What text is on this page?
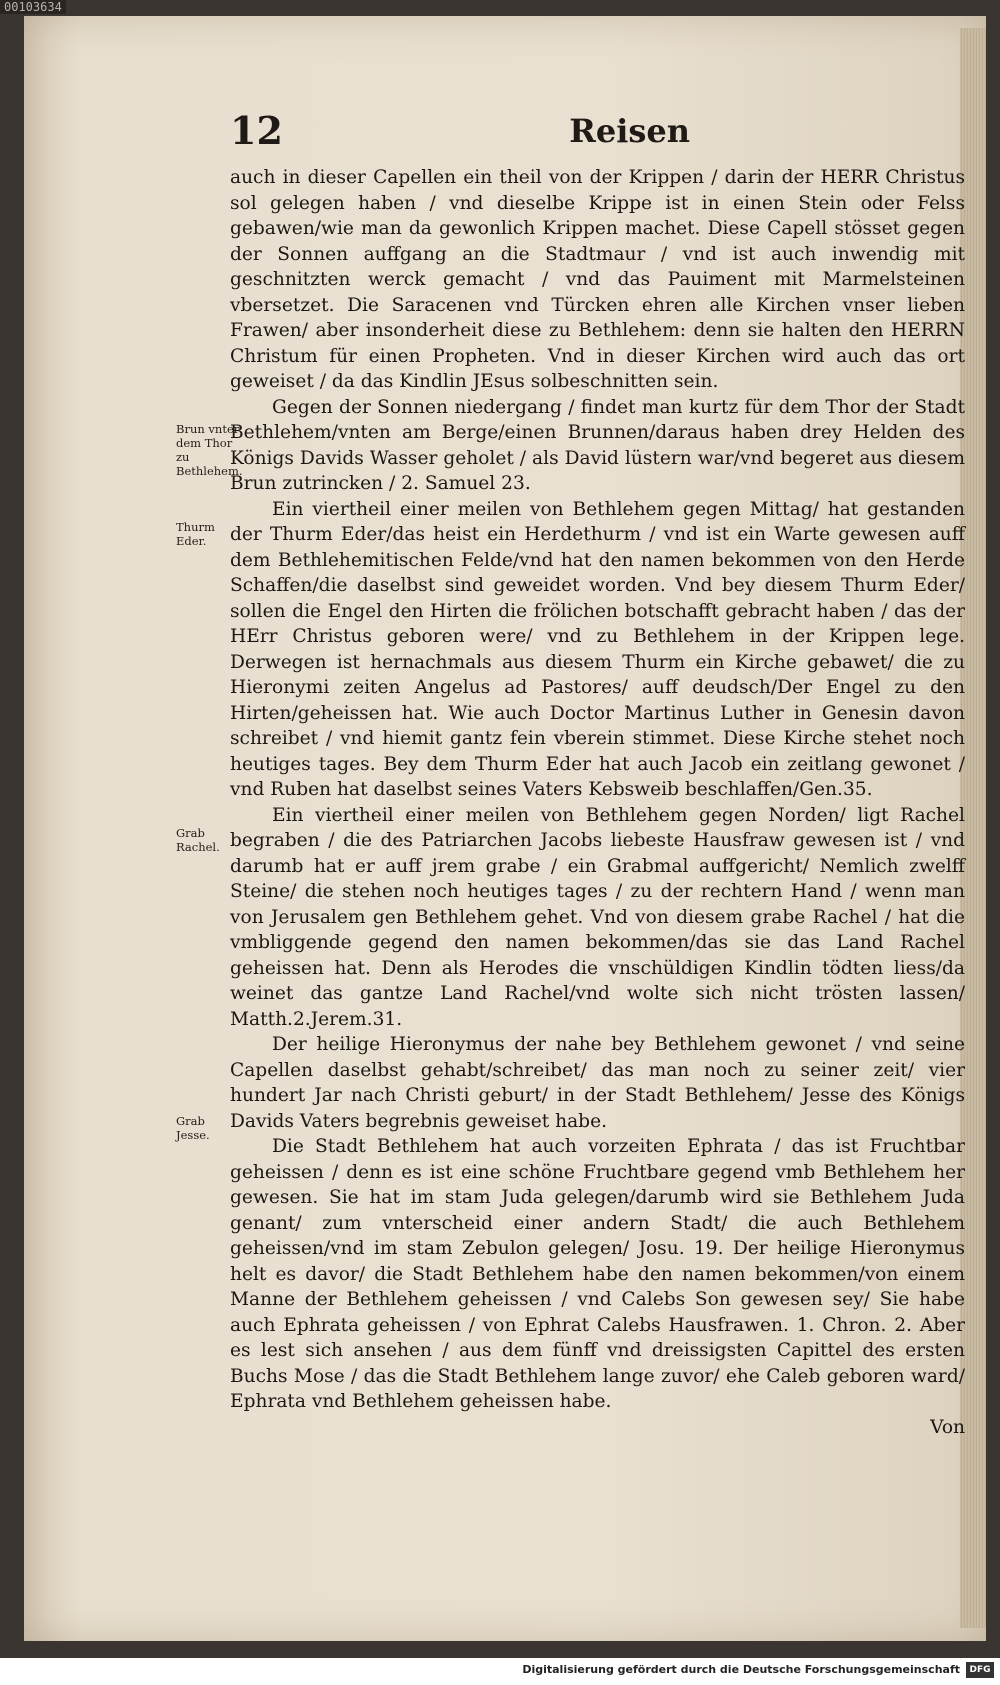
00103634
12	Reisen
Brun vnter dem Thor zu Bethlehem.
Thurm Eder.
Grab Rachel.
Grab Jesse.

auch in dieser Capellen ein theil von der Krippen / darin der HERR Christus sol gelegen haben / vnd dieselbe Krippe ist in einen Stein oder Felss gebawen/wie man da gewonlich Krippen machet. Diese Capell stösset gegen der Sonnen auffgang an die Stadtmaur / vnd ist auch inwendig mit geschnitzten werck gemacht / vnd das Pauiment mit Marmelsteinen vbersetzet. Die Saracenen vnd Türcken ehren alle Kirchen vnser lieben Frawen/ aber insonderheit diese zu Bethlehem: denn sie halten den HERRN Christum für einen Propheten. Vnd in dieser Kirchen wird auch das ort geweiset / da das Kindlin JEsus solbeschnitten sein.

Gegen der Sonnen niedergang / findet man kurtz für dem Thor der Stadt Bethlehem/vnten am Berge/einen Brunnen/daraus haben drey Helden des Königs Davids Wasser geholet / als David lüstern war/vnd begeret aus diesem Brun zutrincken / 2. Samuel 23.

Ein viertheil einer meilen von Bethlehem gegen Mittag/ hat gestanden der Thurm Eder/das heist ein Herdethurm / vnd ist ein Warte gewesen auff dem Bethlehemitischen Felde/vnd hat den namen bekommen von den Herde Schaffen/die daselbst sind geweidet worden. Vnd bey diesem Thurm Eder/ sollen die Engel den Hirten die frölichen botschafft gebracht haben / das der HErr Christus geboren were/ vnd zu Bethlehem in der Krippen lege. Derwegen ist hernachmals aus diesem Thurm ein Kirche gebawet/ die zu Hieronymi zeiten Angelus ad Pastores/ auff deudsch/Der Engel zu den Hirten/geheissen hat. Wie auch Doctor Martinus Luther in Genesin davon schreibet / vnd hiemit gantz fein vberein stimmet. Diese Kirche stehet noch heutiges tages. Bey dem Thurm Eder hat auch Jacob ein zeitlang gewonet / vnd Ruben hat daselbst seines Vaters Kebsweib beschlaffen/Gen.35.

Ein viertheil einer meilen von Bethlehem gegen Norden/ ligt Rachel begraben / die des Patriarchen Jacobs liebeste Hausfraw gewesen ist / vnd darumb hat er auff jrem grabe / ein Grabmal auffgericht/ Nemlich zwelff Steine/ die stehen noch heutiges tages / zu der rechtern Hand / wenn man von Jerusalem gen Bethlehem gehet. Vnd von diesem grabe Rachel / hat die vmbliggende gegend den namen bekommen/das sie das Land Rachel geheissen hat. Denn als Herodes die vnschüldigen Kindlin tödten liess/da weinet das gantze Land Rachel/vnd wolte sich nicht trösten lassen/ Matth.2.Jerem.31.

Der heilige Hieronymus der nahe bey Bethlehem gewonet / vnd seine Capellen daselbst gehabt/schreibet/ das man noch zu seiner zeit/ vier hundert Jar nach Christi geburt/ in der Stadt Bethlehem/ Jesse des Königs Davids Vaters begrebnis geweiset habe.

Die Stadt Bethlehem hat auch vorzeiten Ephrata / das ist Fruchtbar geheissen / denn es ist eine schöne Fruchtbare gegend vmb Bethlehem her gewesen. Sie hat im stam Juda gelegen/darumb wird sie Bethlehem Juda genant/ zum vnterscheid einer andern Stadt/ die auch Bethlehem geheissen/vnd im stam Zebulon gelegen/ Josu. 19. Der heilige Hieronymus helt es davor/ die Stadt Bethlehem habe den namen bekommen/von einem Manne der Bethlehem geheissen / vnd Calebs Son gewesen sey/ Sie habe auch Ephrata geheissen / von Ephrat Calebs Hausfrawen. 1. Chron. 2. Aber es lest sich ansehen / aus dem fünff vnd dreissigsten Capittel des ersten Buchs Mose / das die Stadt Bethlehem lange zuvor/ ehe Caleb geboren ward/ Ephrata vnd Bethlehem geheissen habe.

Von

Digitalisierung gefördert durch die Deutsche Forschungsgemeinschaft	DFG
